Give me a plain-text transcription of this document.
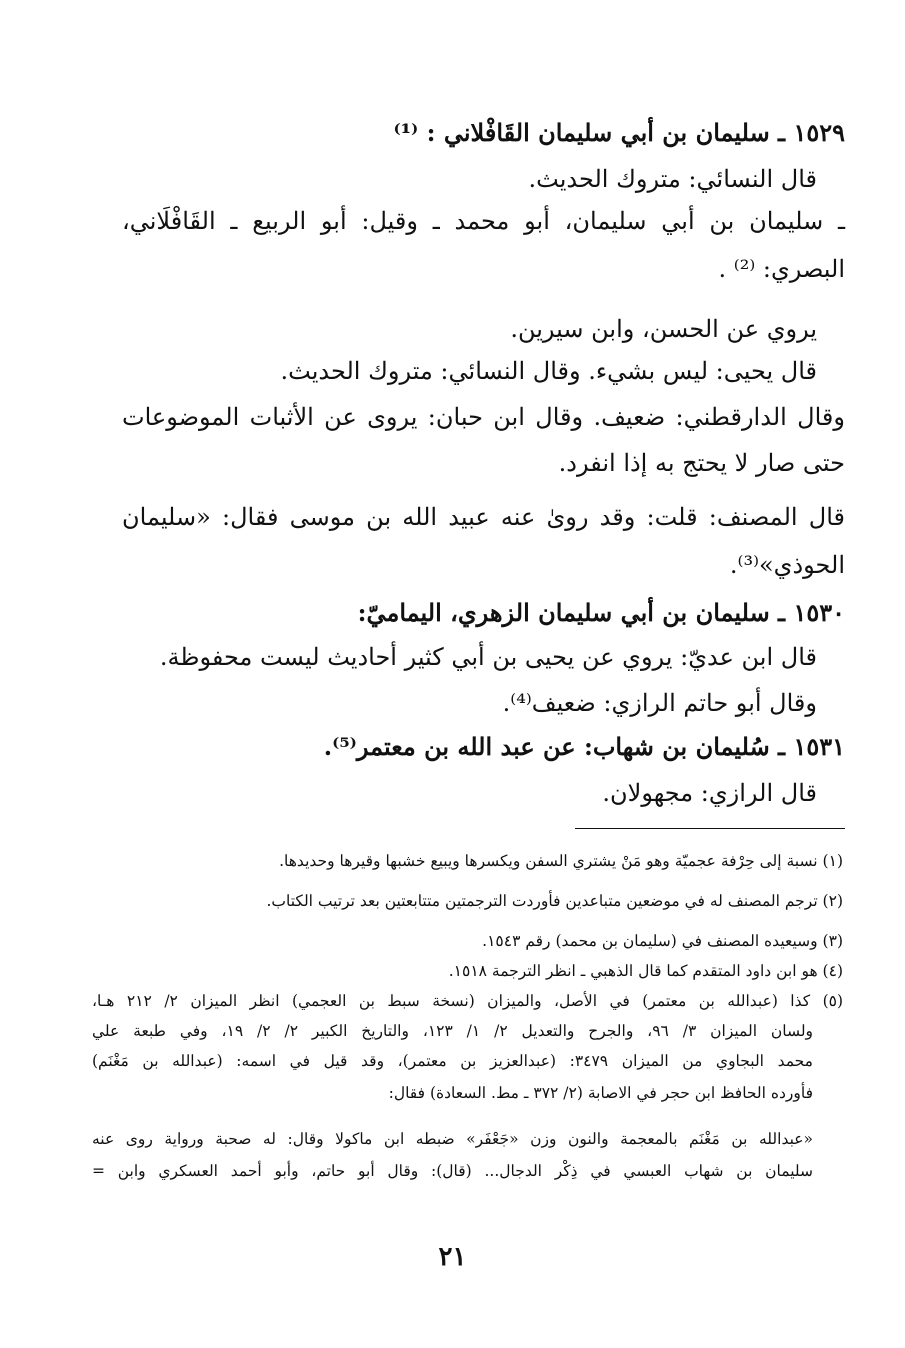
١٥٢٩ ـ سليمان بن أبي سليمان القَافْلاني : ⁽¹⁾
قال النسائي: متروك الحديث.
ـ سليمان بن أبي سليمان، أبو محمد ـ وقيل: أبو الربيع ـ القَافْلَاني،
البصري: ⁽²⁾ .
يروي عن الحسن، وابن سيرين.
قال يحيى: ليس بشيء. وقال النسائي: متروك الحديث.
وقال الدارقطني: ضعيف. وقال ابن حبان: يروى عن الأثبات الموضوعات
حتى صار لا يحتج به إذا انفرد.
قال المصنف: قلت: وقد روىٰ عنه عبيد الله بن موسى فقال: «سليمان
الحوذي»⁽³⁾.
١٥٣٠ ـ سليمان بن أبي سليمان الزهري، اليماميّ:
قال ابن عديّ: يروي عن يحيى بن أبي كثير أحاديث ليست محفوظة.
وقال أبو حاتم الرازي: ضعيف⁽⁴⁾.
١٥٣١ ـ سُليمان بن شهاب: عن عبد الله بن معتمر⁽⁵⁾.
قال الرازي: مجهولان.
(١) نسبة إلى حِرْفة عجميّة وهو مَنْ يشتري السفن ويكسرها ويبيع خشبها وقيرها وحديدها.
(٢) ترجم المصنف له في موضعين متباعدين فأوردت الترجمتين متتابعتين بعد ترتيب الكتاب.
(٣) وسيعيده المصنف في (سليمان بن محمد) رقم ١٥٤٣.
(٤) هو ابن داود المتقدم كما قال الذهبي ـ انظر الترجمة ١٥١٨.
(٥) كذا (عبدالله بن معتمر) في الأصل، والميزان (نسخة سبط بن العجمي) انظر الميزان ٢/ ٢١٢ هـا،
ولسان الميزان ٣/ ٩٦، والجرح والتعديل ٢/ ١/ ١٢٣، والتاريخ الكبير ٢/ ٢/ ١٩، وفي طبعة علي
محمد البجاوي من الميزان ٣٤٧٩: (عبدالعزيز بن معتمر)، وقد قيل في اسمه: (عبدالله بن مَغْنَم)
فأورده الحافظ ابن حجر في الاصابة (٢/ ٣٧٢ ـ مط. السعادة) فقال:
«عبدالله بن مَغْنَم بالمعجمة والنون وزن «جَعْفَر» ضبطه ابن ماكولا وقال: له صحبة ورواية روى عنه
سليمان بن شهاب العبسي في ذِكْر الدجال... (قال): وقال أبو حاتم، وأبو أحمد العسكري وابن =
٢١
